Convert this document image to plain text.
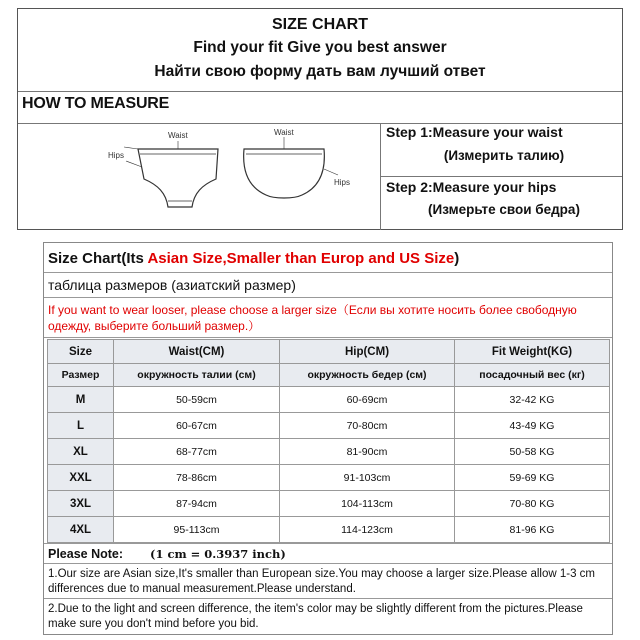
SIZE CHART
Find your fit Give you best answer
Найти свою форму дать вам лучший ответ
HOW TO MEASURE
Waist
Hips
Waist
Hips
Step 1:Measure your waist
(Измерить талию)
Step 2:Measure your hips
(Измерьте свои бедра)
Size Chart(Its Asian Size,Smaller than Europ and US Size)
таблица размеров (азиатский размер)
If you want to wear looser, please choose a larger size（Если вы хотите носить более свободную одежду, выберите больший размер.）
Size	Waist(CM)	Hip(CM)	Fit Weight(KG)
Размер	окружность талии (см)	окружность бедер (см)	посадочный вес (кг)
M	50-59cm	60-69cm	32-42 KG
L	60-67cm	70-80cm	43-49 KG
XL	68-77cm	81-90cm	50-58 KG
XXL	78-86cm	91-103cm	59-69 KG
3XL	87-94cm	104-113cm	70-80 KG
4XL	95-113cm	114-123cm	81-96 KG
Please Note: (1 cm = 0.3937 inch)
1.Our size are Asian size,It's smaller than European size.You may choose a larger size.Please allow 1-3 cm differences due to manual measurement.Please understand.
2.Due to the light and screen difference, the item's color may be slightly different from the pictures.Please make sure you don't mind before you bid.
